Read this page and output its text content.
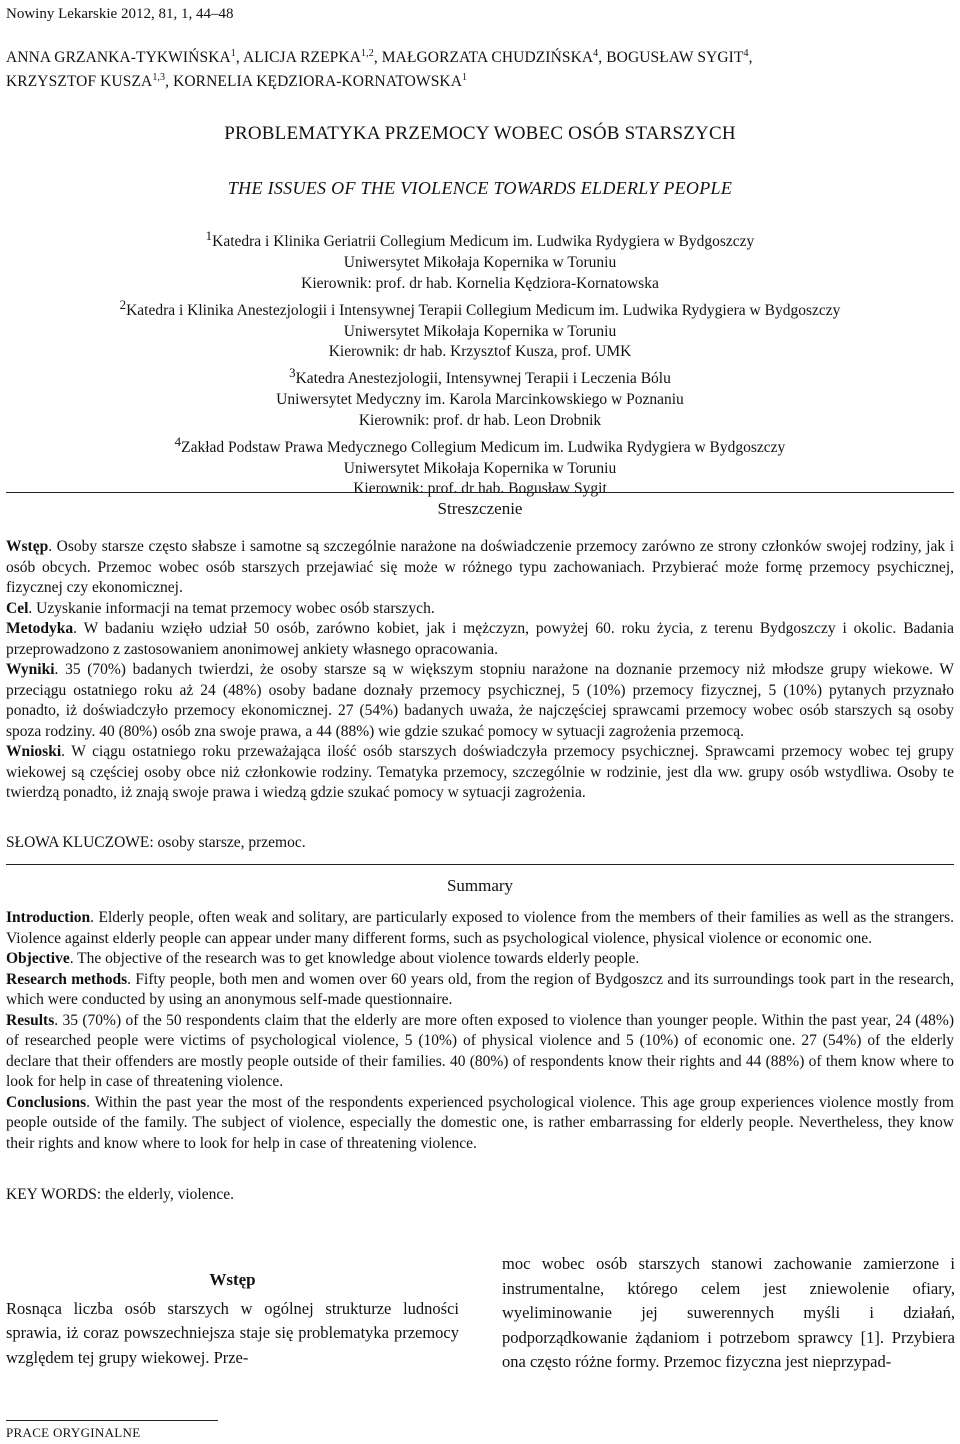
Nowiny Lekarskie 2012, 81, 1, 44–48
ANNA GRZANKA-TYKWIŃSKA$^1$, ALICJA RZEPKA$^{1,2}$, MAŁGORZATA CHUDZIŃSKA$^4$, BOGUSŁAW SYGIT$^4$,
KRZYSZTOF KUSZA$^{1,3}$, KORNELIA KĘDZIORA-KORNATOWSKA$^1$
PROBLEMATYKA PRZEMOCY WOBEC OSÓB STARSZYCH
THE ISSUES OF THE VIOLENCE TOWARDS ELDERLY PEOPLE
$^1$Katedra i Klinika Geriatrii Collegium Medicum im. Ludwika Rydygiera w Bydgoszczy
Uniwersytet Mikołaja Kopernika w Toruniu
Kierownik: prof. dr hab. Kornelia Kędziora-Kornatowska
$^2$Katedra i Klinika Anestezjologii i Intensywnej Terapii Collegium Medicum im. Ludwika Rydygiera w Bydgoszczy
Uniwersytet Mikołaja Kopernika w Toruniu
Kierownik: dr hab. Krzysztof Kusza, prof. UMK
$^3$Katedra Anestezjologii, Intensywnej Terapii i Leczenia Bólu
Uniwersytet Medyczny im. Karola Marcinkowskiego w Poznaniu
Kierownik: prof. dr hab. Leon Drobnik
$^4$Zakład Podstaw Prawa Medycznego Collegium Medicum im. Ludwika Rydygiera w Bydgoszczy
Uniwersytet Mikołaja Kopernika w Toruniu
Kierownik: prof. dr hab. Bogusław Sygit
Streszczenie

Wstęp. Osoby starsze często słabsze i samotne są szczególnie narażone na doświadczenie przemocy zarówno ze strony członków swojej rodziny, jak i osób obcych. Przemoc wobec osób starszych przejawiać się może w różnego typu zachowaniach. Przybierać może formę przemocy psychicznej, fizycznej czy ekonomicznej.

Cel. Uzyskanie informacji na temat przemocy wobec osób starszych.

Metodyka. W badaniu wzięło udział 50 osób, zarówno kobiet, jak i mężczyzn, powyżej 60. roku życia, z terenu Bydgoszczy i okolic. Badania przeprowadzono z zastosowaniem anonimowej ankiety własnego opracowania.

Wyniki. 35 (70%) badanych twierdzi, że osoby starsze są w większym stopniu narażone na doznanie przemocy niż młodsze grupy wiekowe. W przeciągu ostatniego roku aż 24 (48%) osoby badane doznały przemocy psychicznej, 5 (10%) przemocy fizycznej, 5 (10%) pytanych przyznało ponadto, iż doświadczyło przemocy ekonomicznej. 27 (54%) badanych uważa, że najczęściej sprawcami przemocy wobec osób starszych są osoby spoza rodziny. 40 (80%) osób zna swoje prawa, a 44 (88%) wie gdzie szukać pomocy w sytuacji zagrożenia przemocą.

Wnioski. W ciągu ostatniego roku przeważająca ilość osób starszych doświadczyła przemocy psychicznej. Sprawcami przemocy wobec tej grupy wiekowej są częściej osoby obce niż członkowie rodziny. Tematyka przemocy, szczególnie w rodzinie, jest dla ww. grupy osób wstydliwa. Osoby te twierdzą ponadto, iż znają swoje prawa i wiedzą gdzie szukać pomocy w sytuacji zagrożenia.

SŁOWA KLUCZOWE: osoby starsze, przemoc.
Summary

Introduction. Elderly people, often weak and solitary, are particularly exposed to violence from the members of their families as well as the strangers. Violence against elderly people can appear under many different forms, such as psychological violence, physical violence or economic one.

Objective. The objective of the research was to get knowledge about violence towards elderly people.

Research methods. Fifty people, both men and women over 60 years old, from the region of Bydgoszcz and its surroundings took part in the research, which were conducted by using an anonymous self-made questionnaire.

Results. 35 (70%) of the 50 respondents claim that the elderly are more often exposed to violence than younger people. Within the past year, 24 (48%) of researched people were victims of psychological violence, 5 (10%) of physical violence and 5 (10%) of economic one. 27 (54%) of the elderly declare that their offenders are mostly people outside of their families. 40 (80%) of respondents know their rights and 44 (88%) of them know where to look for help in case of threatening violence.

Conclusions. Within the past year the most of the respondents experienced psychological violence. This age group experiences violence mostly from people outside of the family. The subject of violence, especially the domestic one, is rather embarrassing for elderly people. Nevertheless, they know their rights and know where to look for help in case of threatening violence.

KEY WORDS: the elderly, violence.
Wstęp

Rosnąca liczba osób starszych w ogólnej strukturze ludności sprawia, iż coraz powszechniejsza staje się problematyka przemocy względem tej grupy wiekowej. Prze-

moc wobec osób starszych stanowi zachowanie zamierzone i instrumentalne, którego celem jest zniewolenie ofiary, wyeliminowanie jej suwerennych myśli i działań, podporządkowanie żądaniom i potrzebom sprawcy [1]. Przybiera ona często różne formy. Przemoc fizyczna jest nieprzypad-

PRACE ORYGINALNE
